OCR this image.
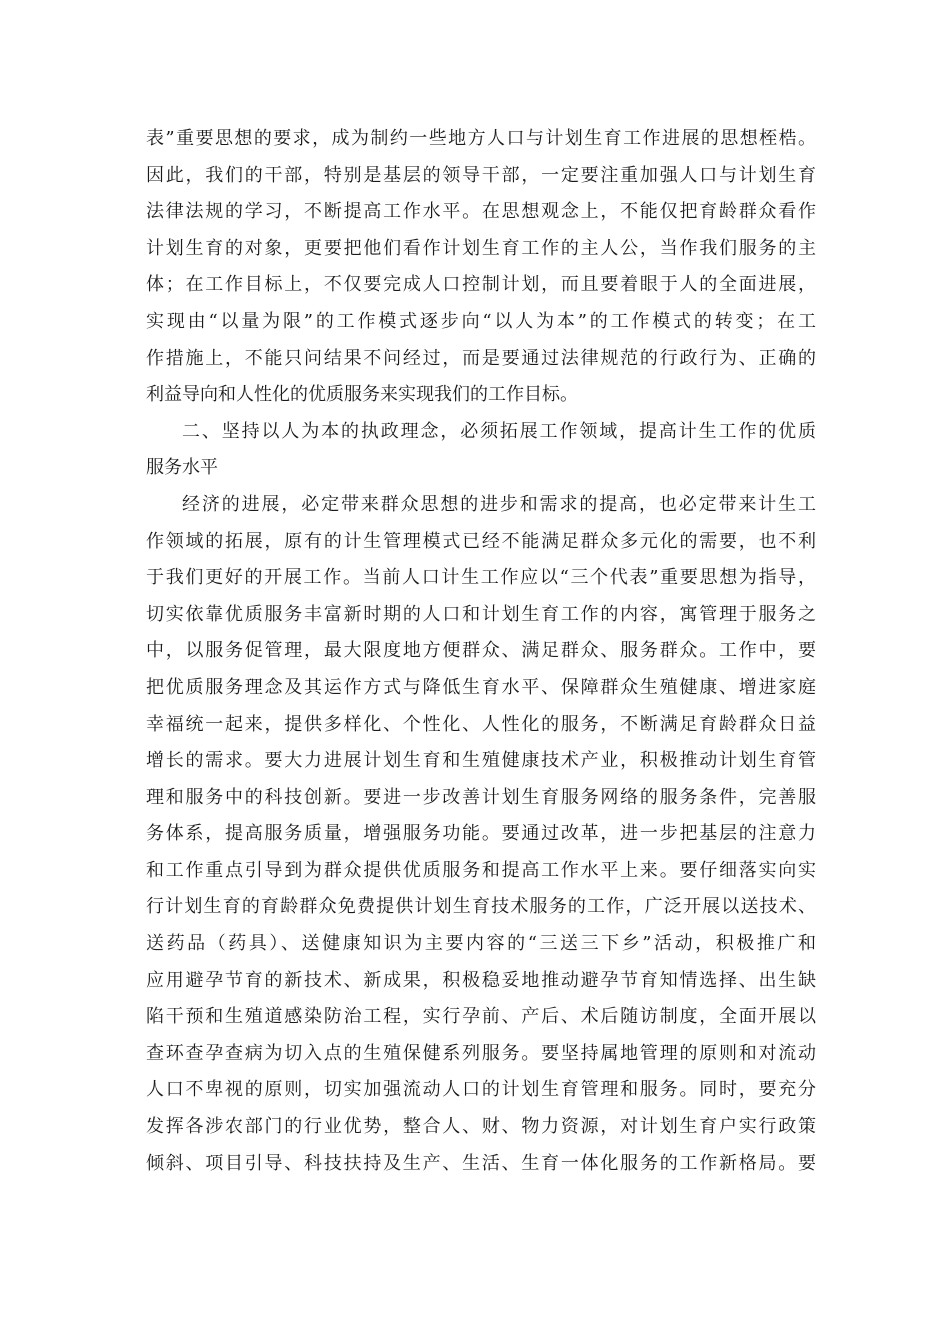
表”重要思想的要求，成为制约一些地方人口与计划生育工作进展的思想桎梏。
因此，我们的干部，特别是基层的领导干部，一定要注重加强人口与计划生育
法律法规的学习，不断提高工作水平。在思想观念上，不能仅把育龄群众看作
计划生育的对象，更要把他们看作计划生育工作的主人公，当作我们服务的主
体；在工作目标上，不仅要完成人口控制计划，而且要着眼于人的全面进展，
实现由“以量为限”的工作模式逐步向“以人为本”的工作模式的转变；在工
作措施上，不能只问结果不问经过，而是要通过法律规范的行政行为、正确的
利益导向和人性化的优质服务来实现我们的工作目标。
二、坚持以人为本的执政理念，必须拓展工作领域，提高计生工作的优质
服务水平
经济的进展，必定带来群众思想的进步和需求的提高，也必定带来计生工
作领域的拓展，原有的计生管理模式已经不能满足群众多元化的需要，也不利
于我们更好的开展工作。当前人口计生工作应以“三个代表”重要思想为指导，
切实依靠优质服务丰富新时期的人口和计划生育工作的内容，寓管理于服务之
中，以服务促管理，最大限度地方便群众、满足群众、服务群众。工作中，要
把优质服务理念及其运作方式与降低生育水平、保障群众生殖健康、增进家庭
幸福统一起来，提供多样化、个性化、人性化的服务，不断满足育龄群众日益
增长的需求。要大力进展计划生育和生殖健康技术产业，积极推动计划生育管
理和服务中的科技创新。要进一步改善计划生育服务网络的服务条件，完善服
务体系，提高服务质量，增强服务功能。要通过改革，进一步把基层的注意力
和工作重点引导到为群众提供优质服务和提高工作水平上来。要仔细落实向实
行计划生育的育龄群众免费提供计划生育技术服务的工作，广泛开展以送技术、
送药品（药具）、送健康知识为主要内容的“三送三下乡”活动，积极推广和
应用避孕节育的新技术、新成果，积极稳妥地推动避孕节育知情选择、出生缺
陷干预和生殖道感染防治工程，实行孕前、产后、术后随访制度，全面开展以
查环查孕查病为切入点的生殖保健系列服务。要坚持属地管理的原则和对流动
人口不卑视的原则，切实加强流动人口的计划生育管理和服务。同时，要充分
发挥各涉农部门的行业优势，整合人、财、物力资源，对计划生育户实行政策
倾斜、项目引导、科技扶持及生产、生活、生育一体化服务的工作新格局。要
